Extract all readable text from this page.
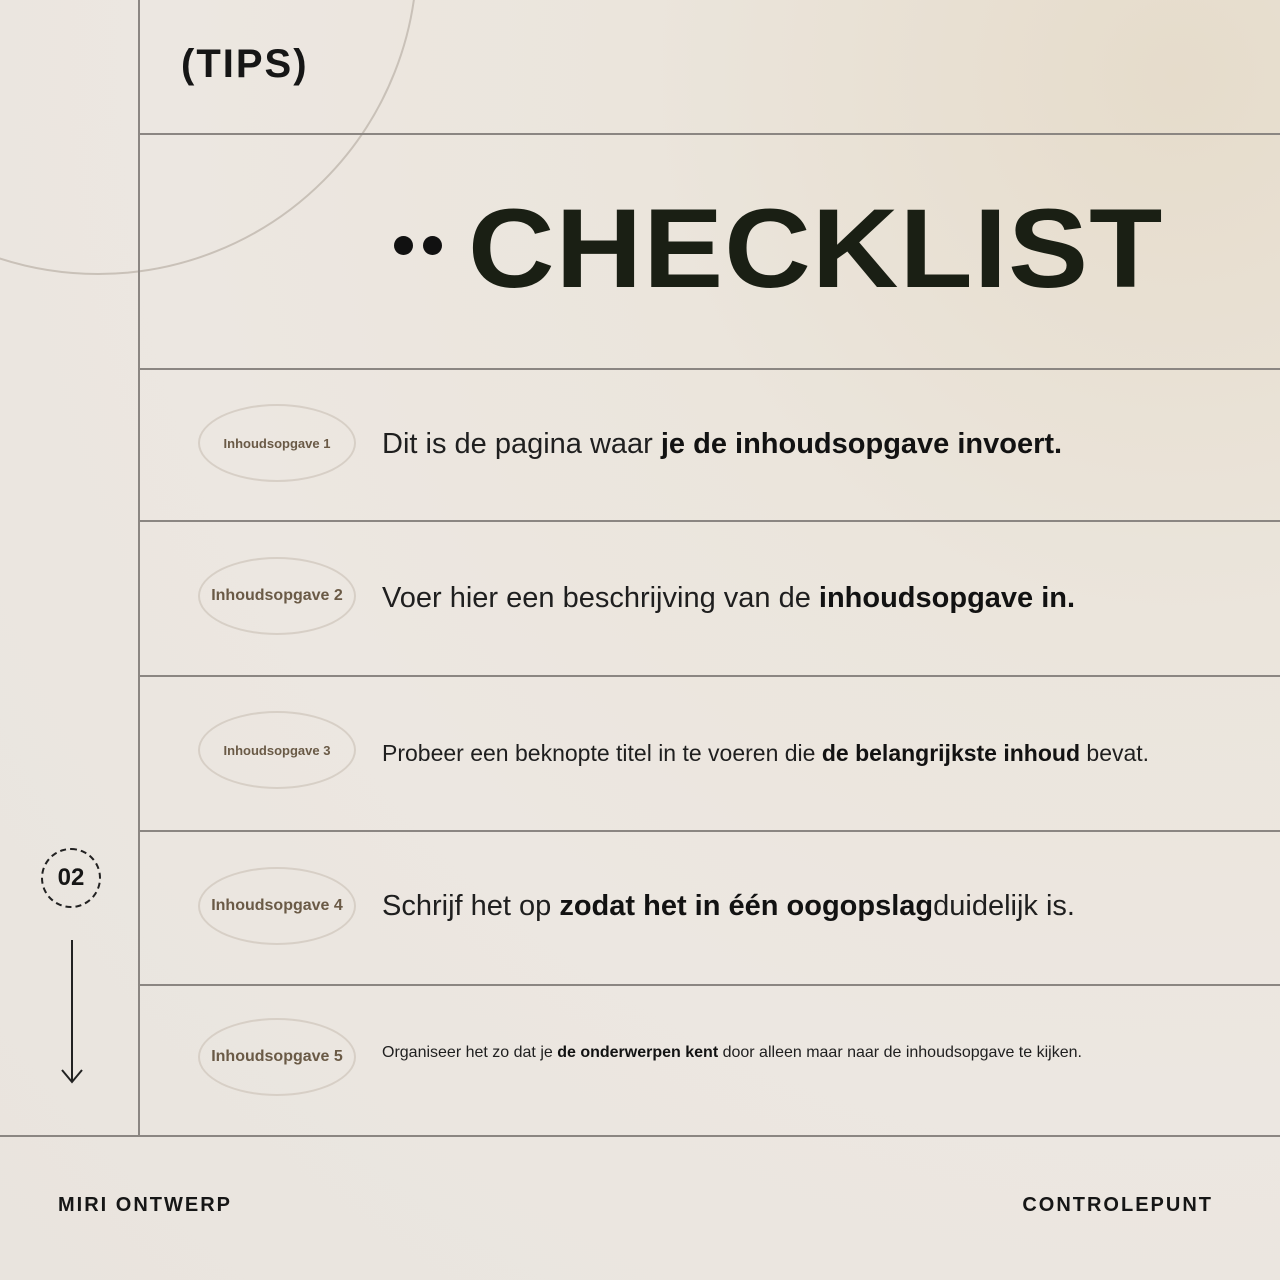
(TIPS)
CHECKLIST
Inhoudsopgave 1	Dit is de pagina waar je de inhoudsopgave invoert.
Inhoudsopgave 2	Voer hier een beschrijving van de inhoudsopgave in.
Inhoudsopgave 3	Probeer een beknopte titel in te voeren die de belangrijkste inhoud bevat.
Inhoudsopgave 4	Schrijf het op zodat het in één oogopslagduidelijk is.
Inhoudsopgave 5	Organiseer het zo dat je de onderwerpen kent door alleen maar naar de inhoudsopgave te kijken.
02
MIRI ONTWERP	CONTROLEPUNT
